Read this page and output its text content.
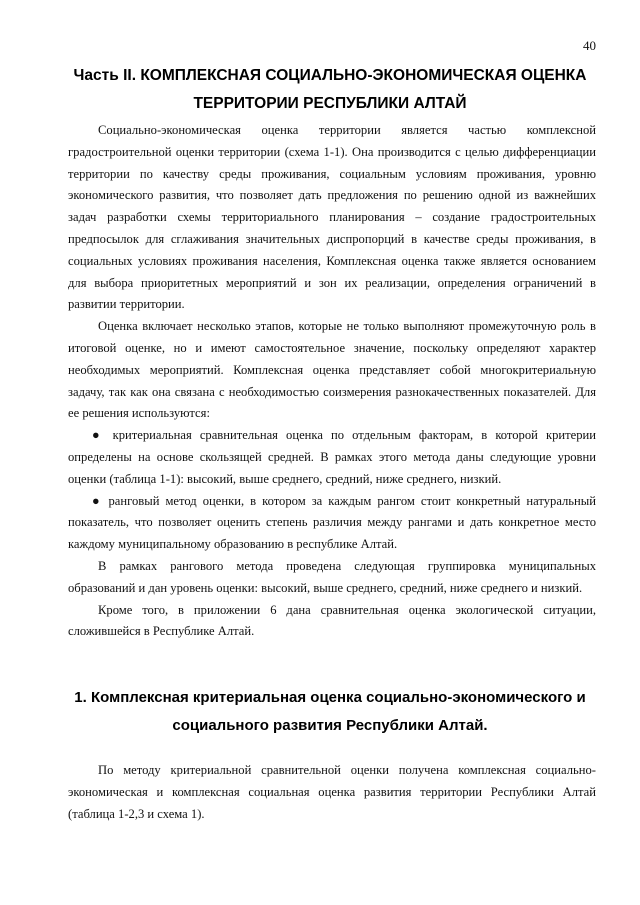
40
Часть II. КОМПЛЕКСНАЯ СОЦИАЛЬНО-ЭКОНОМИЧЕСКАЯ ОЦЕНКА ТЕРРИТОРИИ РЕСПУБЛИКИ АЛТАЙ

Социально-экономическая оценка территории является частью комплексной градостроительной оценки территории (схема 1-1). Она производится с целью дифференциации территории по качеству среды проживания, социальным условиям проживания, уровню экономического развития, что позволяет дать предложения по решению одной из важнейших задач разработки схемы территориального планирования – создание градостроительных предпосылок для сглаживания значительных диспропорций в качестве среды проживания, в социальных условиях проживания населения, Комплексная оценка также является основанием для выбора приоритетных мероприятий и зон их реализации, определения ограничений в развитии территории.

Оценка включает несколько этапов, которые не только выполняют промежуточную роль в итоговой оценке, но и имеют самостоятельное значение, поскольку определяют характер необходимых мероприятий. Комплексная оценка представляет собой многокритериальную задачу, так как она связана с необходимостью соизмерения разнокачественных показателей. Для ее решения используются:

● критериальная сравнительная оценка по отдельным факторам, в которой критерии определены на основе скользящей средней. В рамках этого метода даны следующие уровни оценки (таблица 1-1): высокий, выше среднего, средний, ниже среднего, низкий.

● ранговый метод оценки, в котором за каждым рангом стоит конкретный натуральный показатель, что позволяет оценить степень различия между рангами и дать конкретное место каждому муниципальному образованию в республике Алтай.

В рамках рангового метода проведена следующая группировка муниципальных образований и дан уровень оценки: высокий, выше среднего, средний, ниже среднего и низкий.

Кроме того, в приложении 6 дана сравнительная оценка экологической ситуации, сложившейся в Республике Алтай.

1. Комплексная критериальная оценка социально-экономического и социального развития Республики Алтай.

По методу критериальной сравнительной оценки получена комплексная социально-экономическая и комплексная социальная оценка развития территории Республики Алтай (таблица 1-2,3 и схема 1).
